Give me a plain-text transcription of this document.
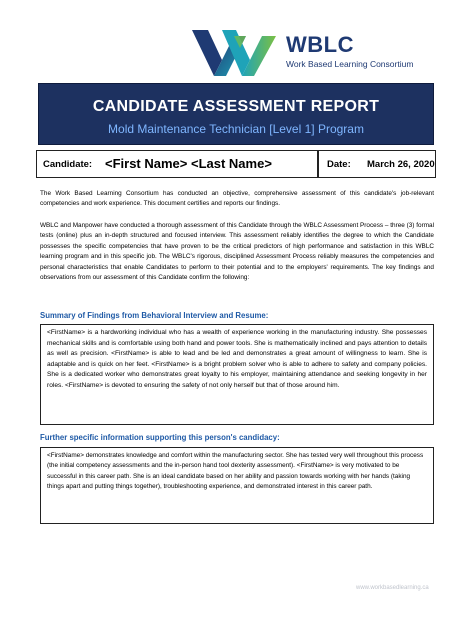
WBLC
Work Based Learning Consortium
CANDIDATE ASSESSMENT REPORT
Mold Maintenance Technician [Level 1] Program
Candidate: <First Name> <Last Name>	Date: March 26, 2020
The Work Based Learning Consortium has conducted an objective, comprehensive assessment of this candidate's job-relevant competencies and work experience. This document certifies and reports our findings.
WBLC and Manpower have conducted a thorough assessment of this Candidate through the WBLC Assessment Process – three (3) formal tests (online) plus an in-depth structured and focused interview. This assessment reliably identifies the degree to which the Candidate possesses the specific competencies that have proven to be the critical predictors of high performance and satisfaction in this WBLC learning program and in this specific job. The WBLC's rigorous, disciplined Assessment Process reliably measures the competencies and personal characteristics that enable Candidates to perform to their potential and to the employers' requirements. The key findings and observations from our assessment of this Candidate confirm the following:
Summary of Findings from Behavioral Interview and Resume:
<FirstName> is a hardworking individual who has a wealth of experience working in the manufacturing industry. She possesses mechanical skills and is comfortable using both hand and power tools. She is mathematically inclined and pays attention to details as well as precision. <FirstName> is able to lead and be led and demonstrates a great amount of willingness to learn. She is adaptable and is quick on her feet. <FirstName> is a bright problem solver who is able to adhere to safety and company policies. She is a dedicated worker who demonstrates great loyalty to his employer, maintaining attendance and seeking longevity in her roles. <FirstName> is devoted to ensuring the safety of not only herself but that of those around him.
Further specific information supporting this person's candidacy:
<FirstName> demonstrates knowledge and comfort within the manufacturing sector. She has tested very well throughout this process (the initial competency assessments and the in-person hand tool dexterity assessment). <FirstName> is very motivated to be successful in this career path. She is an ideal candidate based on her ability and passion towards working with her hands (taking things apart and putting things together), troubleshooting experience, and demonstrated interest in this career path.
www.workbasedlearning.ca
